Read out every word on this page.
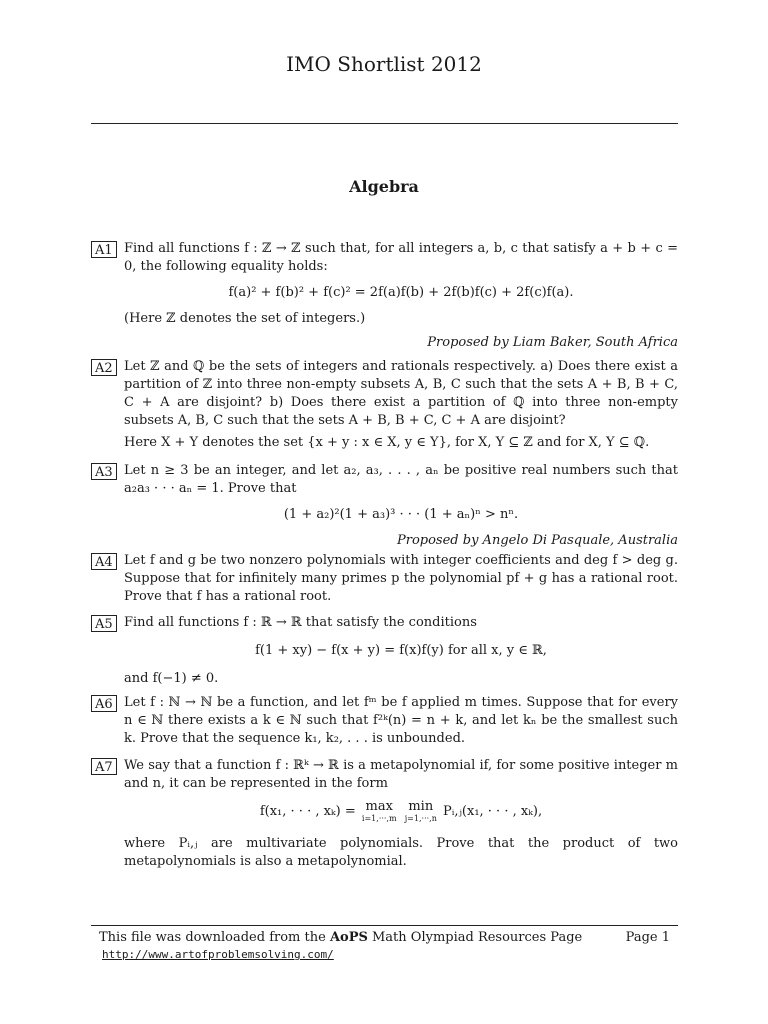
IMO Shortlist 2012
Algebra
A1 Find all functions f : ℤ → ℤ such that, for all integers a, b, c that satisfy a + b + c = 0, the following equality holds:

f(a)² + f(b)² + f(c)² = 2f(a)f(b) + 2f(b)f(c) + 2f(c)f(a).

(Here ℤ denotes the set of integers.)

Proposed by Liam Baker, South Africa
A2 Let ℤ and ℚ be the sets of integers and rationals respectively. a) Does there exist a partition of ℤ into three non-empty subsets A, B, C such that the sets A + B, B + C, C + A are disjoint? b) Does there exist a partition of ℚ into three non-empty subsets A, B, C such that the sets A + B, B + C, C + A are disjoint?

Here X + Y denotes the set {x + y : x ∈ X, y ∈ Y}, for X, Y ⊆ ℤ and for X, Y ⊆ ℚ.

A3 Let n ≥ 3 be an integer, and let a₂, a₃, . . . , aₙ be positive real numbers such that a₂a₃ · · · aₙ = 1. Prove that

(1 + a₂)²(1 + a₃)³ · · · (1 + aₙ)ⁿ > nⁿ.
Proposed by Angelo Di Pasquale, Australia
A4 Let f and g be two nonzero polynomials with integer coefficients and deg f > deg g. Suppose that for infinitely many primes p the polynomial pf + g has a rational root. Prove that f has a rational root.

A5 Find all functions f : ℝ → ℝ that satisfy the conditions

f(1 + xy) − f(x + y) = f(x)f(y) for all x, y ∈ ℝ,

and f(−1) ≠ 0.

A6 Let f : ℕ → ℕ be a function, and let fᵐ be f applied m times. Suppose that for every n ∈ ℕ there exists a k ∈ ℕ such that f²ᵏ(n) = n + k, and let kₙ be the smallest such k. Prove that the sequence k₁, k₂, . . . is unbounded.

A7 We say that a function f : ℝᵏ → ℝ is a metapolynomial if, for some positive integer m and n, it can be represented in the form

f(x₁, · · · , xₖ) = max
i=1,···,m
min
j=1,···,n Pᵢ,ⱼ(x₁, · · · , xₖ),

where Pᵢ,ⱼ are multivariate polynomials. Prove that the product of two metapolynomials is also a metapolynomial.

This file was downloaded from the AoPS Math Olympiad Resources Page	Page 1
http://www.artofproblemsolving.com/
